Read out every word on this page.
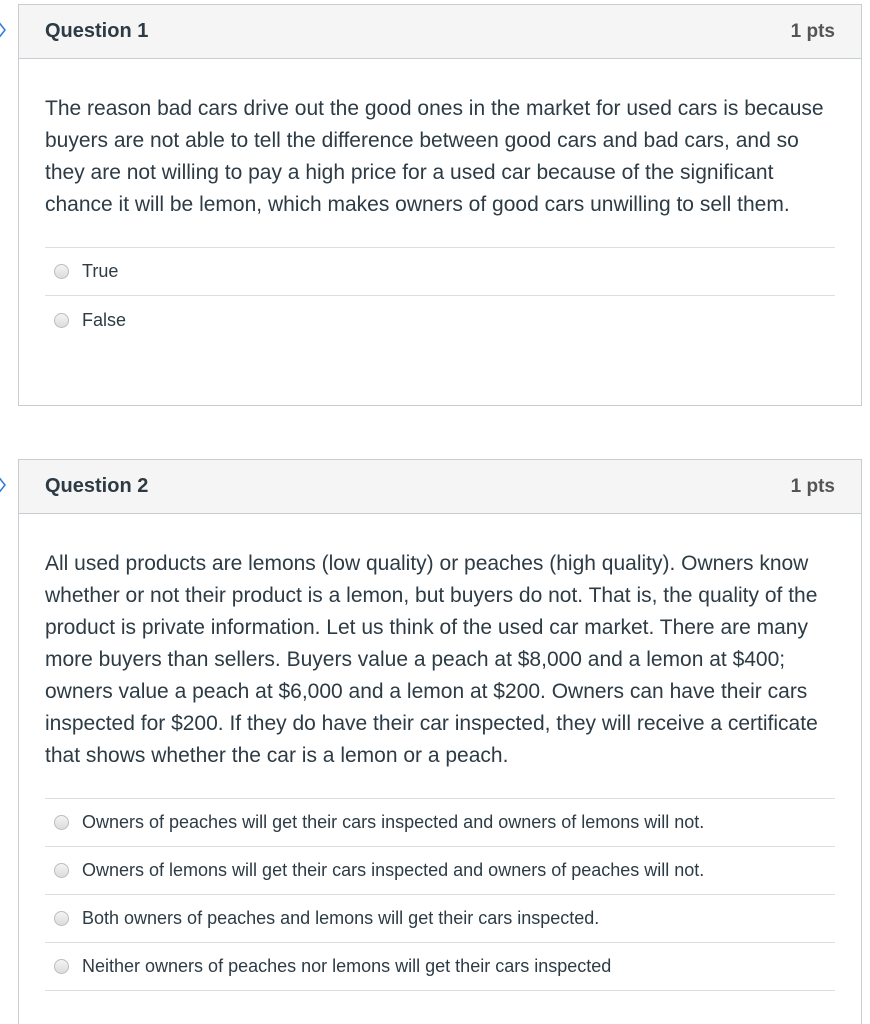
Question 1	1 pts

The reason bad cars drive out the good ones in the market for used cars is because buyers are not able to tell the difference between good cars and bad cars, and so they are not willing to pay a high price for a used car because of the significant chance it will be lemon, which makes owners of good cars unwilling to sell them.

True
False
Question 2	1 pts

All used products are lemons (low quality) or peaches (high quality). Owners know whether or not their product is a lemon, but buyers do not. That is, the quality of the product is private information. Let us think of the used car market. There are many more buyers than sellers. Buyers value a peach at $8,000 and a lemon at $400; owners value a peach at $6,000 and a lemon at $200. Owners can have their cars inspected for $200. If they do have their car inspected, they will receive a certificate that shows whether the car is a lemon or a peach.

Owners of peaches will get their cars inspected and owners of lemons will not.
Owners of lemons will get their cars inspected and owners of peaches will not.
Both owners of peaches and lemons will get their cars inspected.
Neither owners of peaches nor lemons will get their cars inspected
